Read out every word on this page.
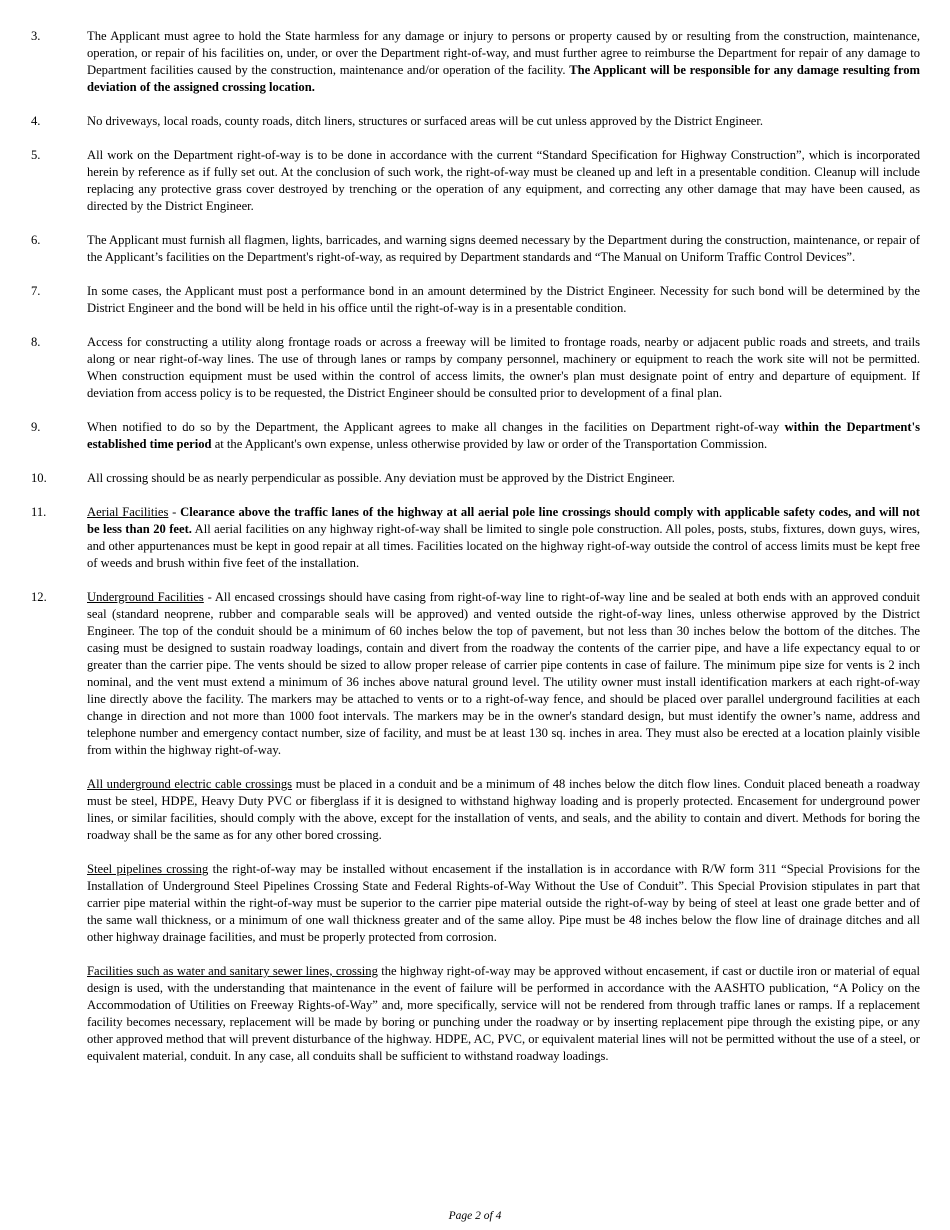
3.	The Applicant must agree to hold the State harmless for any damage or injury to persons or property caused by or resulting from the construction, maintenance, operation, or repair of his facilities on, under, or over the Department right-of-way, and must further agree to reimburse the Department for repair of any damage to Department facilities caused by the construction, maintenance and/or operation of the facility. The Applicant will be responsible for any damage resulting from deviation of the assigned crossing location.

4.	No driveways, local roads, county roads, ditch liners, structures or surfaced areas will be cut unless approved by the District Engineer.

5.	All work on the Department right-of-way is to be done in accordance with the current “Standard Specification for Highway Construction”, which is incorporated herein by reference as if fully set out. At the conclusion of such work, the right-of-way must be cleaned up and left in a presentable condition. Cleanup will include replacing any protective grass cover destroyed by trenching or the operation of any equipment, and correcting any other damage that may have been caused, as directed by the District Engineer.

6.	The Applicant must furnish all flagmen, lights, barricades, and warning signs deemed necessary by the Department during the construction, maintenance, or repair of the Applicant’s facilities on the Department's right-of-way, as required by Department standards and “The Manual on Uniform Traffic Control Devices”.

7.	In some cases, the Applicant must post a performance bond in an amount determined by the District Engineer. Necessity for such bond will be determined by the District Engineer and the bond will be held in his office until the right-of-way is in a presentable condition.

8.	Access for constructing a utility along frontage roads or across a freeway will be limited to frontage roads, nearby or adjacent public roads and streets, and trails along or near right-of-way lines. The use of through lanes or ramps by company personnel, machinery or equipment to reach the work site will not be permitted. When construction equipment must be used within the control of access limits, the owner's plan must designate point of entry and departure of equipment. If deviation from access policy is to be requested, the District Engineer should be consulted prior to development of a final plan.

9.	When notified to do so by the Department, the Applicant agrees to make all changes in the facilities on Department right-of-way within the Department's established time period at the Applicant's own expense, unless otherwise provided by law or order of the Transportation Commission.

10.	All crossing should be as nearly perpendicular as possible. Any deviation must be approved by the District Engineer.

11.	Aerial Facilities - Clearance above the traffic lanes of the highway at all aerial pole line crossings should comply with applicable safety codes, and will not be less than 20 feet. All aerial facilities on any highway right-of-way shall be limited to single pole construction. All poles, posts, stubs, fixtures, down guys, wires, and other appurtenances must be kept in good repair at all times. Facilities located on the highway right-of-way outside the control of access limits must be kept free of weeds and brush within five feet of the installation.

12.	Underground Facilities - All encased crossings should have casing from right-of-way line to right-of-way line and be sealed at both ends with an approved conduit seal (standard neoprene, rubber and comparable seals will be approved) and vented outside the right-of-way lines, unless otherwise approved by the District Engineer. The top of the conduit should be a minimum of 60 inches below the top of pavement, but not less than 30 inches below the bottom of the ditches. The casing must be designed to sustain roadway loadings, contain and divert from the roadway the contents of the carrier pipe, and have a life expectancy equal to or greater than the carrier pipe. The vents should be sized to allow proper release of carrier pipe contents in case of failure. The minimum pipe size for vents is 2 inch nominal, and the vent must extend a minimum of 36 inches above natural ground level. The utility owner must install identification markers at each right-of-way line directly above the facility. The markers may be attached to vents or to a right-of-way fence, and should be placed over parallel underground facilities at each change in direction and not more than 1000 foot intervals. The markers may be in the owner's standard design, but must identify the owner’s name, address and telephone number and emergency contact number, size of facility, and must be at least 130 sq. inches in area. They must also be erected at a location plainly visible from within the highway right-of-way.

All underground electric cable crossings must be placed in a conduit and be a minimum of 48 inches below the ditch flow lines. Conduit placed beneath a roadway must be steel, HDPE, Heavy Duty PVC or fiberglass if it is designed to withstand highway loading and is properly protected. Encasement for underground power lines, or similar facilities, should comply with the above, except for the installation of vents, and seals, and the ability to contain and divert. Methods for boring the roadway shall be the same as for any other bored crossing.

Steel pipelines crossing the right-of-way may be installed without encasement if the installation is in accordance with R/W form 311 “Special Provisions for the Installation of Underground Steel Pipelines Crossing State and Federal Rights-of-Way Without the Use of Conduit”. This Special Provision stipulates in part that carrier pipe material within the right-of-way must be superior to the carrier pipe material outside the right-of-way by being of steel at least one grade better and of the same wall thickness, or a minimum of one wall thickness greater and of the same alloy. Pipe must be 48 inches below the flow line of drainage ditches and all other highway drainage facilities, and must be properly protected from corrosion.

Facilities such as water and sanitary sewer lines, crossing the highway right-of-way may be approved without encasement, if cast or ductile iron or material of equal design is used, with the understanding that maintenance in the event of failure will be performed in accordance with the AASHTO publication, “A Policy on the Accommodation of Utilities on Freeway Rights-of-Way” and, more specifically, service will not be rendered from through traffic lanes or ramps. If a replacement facility becomes necessary, replacement will be made by boring or punching under the roadway or by inserting replacement pipe through the existing pipe, or any other approved method that will prevent disturbance of the highway. HDPE, AC, PVC, or equivalent material lines will not be permitted without the use of a steel, or equivalent material, conduit. In any case, all conduits shall be sufficient to withstand roadway loadings.

Page 2 of 4
